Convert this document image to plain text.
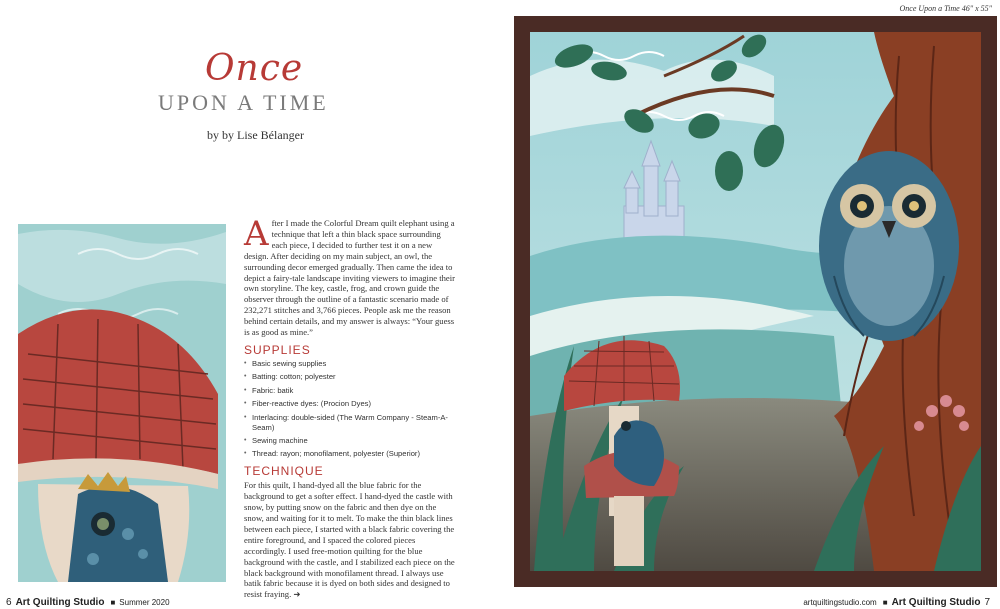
Once
UPON A TIME
by by Lise Bélanger
After I made the Colorful Dream quilt elephant using a technique that left a thin black space surrounding each piece, I decided to further test it on a new design. After deciding on my main subject, an owl, the surrounding decor emerged gradually. Then came the idea to depict a fairy-tale landscape inviting viewers to imagine their own storyline. The key, castle, frog, and crown guide the observer through the outline of a fantastic scenario made of 232,271 stitches and 3,766 pieces. People ask me the reason behind certain details, and my answer is always: “Your guess is as good as mine.”
SUPPLIES
• Basic sewing supplies
• Batting: cotton; polyester
• Fabric: batik
• Fiber-reactive dyes: (Procion Dyes)
• Interlacing: double-sided (The Warm Company - Steam-A-Seam)
• Sewing machine
• Thread: rayon; monofilament, polyester (Superior)
TECHNIQUE

For this quilt, I hand-dyed all the blue fabric for the background to get a softer effect. I hand-dyed the castle with snow, by putting snow on the fabric and then dye on the snow, and waiting for it to melt. To make the thin black lines between each piece, I started with a black fabric covering the entire foreground, and I spaced the colored pieces accordingly. I used free-motion quilting for the blue background with the castle, and I stabilized each piece on the black background with monofilament thread. I always use batik fabric because it is dyed on both sides and designed to resist fraying. ➜

6 Art Quilting Studio ■ Summer 2020
Once Upon a Time 46" x 55"
artquiltingstudio.com ■ Art Quilting Studio 7
